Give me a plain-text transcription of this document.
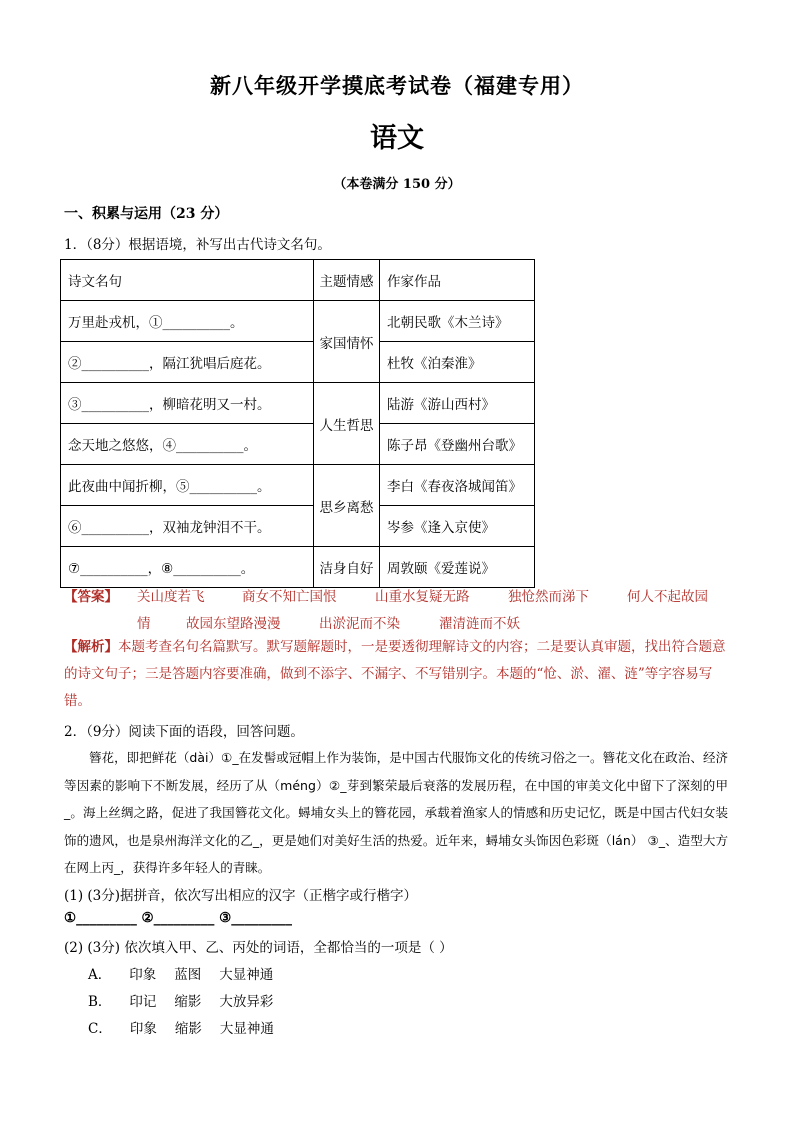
新八年级开学摸底考试卷（福建专用）
语文
（本卷满分 150 分）
一、积累与运用（23 分）
1．（8分）根据语境，补写出古代诗文名句。
诗文名句	主题情感	作家作品
万里赴戎机，①__________。	家国情怀	北朝民歌《木兰诗》
②__________，隔江犹唱后庭花。		杜牧《泊秦淮》
③__________，柳暗花明又一村。	人生哲思	陆游《游山西村》
念天地之悠悠，④__________。		陈子昂《登幽州台歌》
此夜曲中闻折柳，⑤__________。	思乡离愁	李白《春夜洛城闻笛》
⑥__________，双袖龙钟泪不干。		岑参《逢入京使》
⑦__________，⑧__________。	洁身自好	周敦颐《爱莲说》
【答案】 关山度若飞	商女不知亡国恨	山重水复疑无路	独怆然而涕下	何人不起故园
情	故园东望路漫漫	出淤泥而不染	濯清涟而不妖
【解析】本题考查名句名篇默写。默写题解题时，一是要透彻理解诗文的内容；二是要认真审题，找出符合题意的诗文句子；三是答题内容要准确，做到不添字、不漏字、不写错别字。本题的“怆、淤、濯、涟”等字容易写错。
2．（9分）阅读下面的语段，回答问题。
簪花，即把鲜花（dài）①_在发髻或冠帽上作为装饰，是中国古代服饰文化的传统习俗之一。簪花文化在政治、经济等因素的影响下不断发展，经历了从（méng）②_芽到繁荣最后衰落的发展历程，在中国的审美文化中留下了深刻的甲_。海上丝绸之路，促进了我国簪花文化。蟳埔女头上的簪花园，承载着渔家人的情感和历史记忆，既是中国古代妇女装饰的遗风，也是泉州海洋文化的乙_，更是她们对美好生活的热爱。近年来，蟳埔女头饰因色彩斑（lán） ③_、造型大方在网上丙_，获得许多年轻人的青睐。
(1) (3分)据拼音，依次写出相应的汉字（正楷字或行楷字）
①_________ ②_________ ③_________
(2) (3分) 依次填入甲、乙、丙处的词语，全都恰当的一项是（ ）
A． 印象 蓝图 大显神通
B． 印记 缩影 大放异彩
C． 印象 缩影 大显神通
